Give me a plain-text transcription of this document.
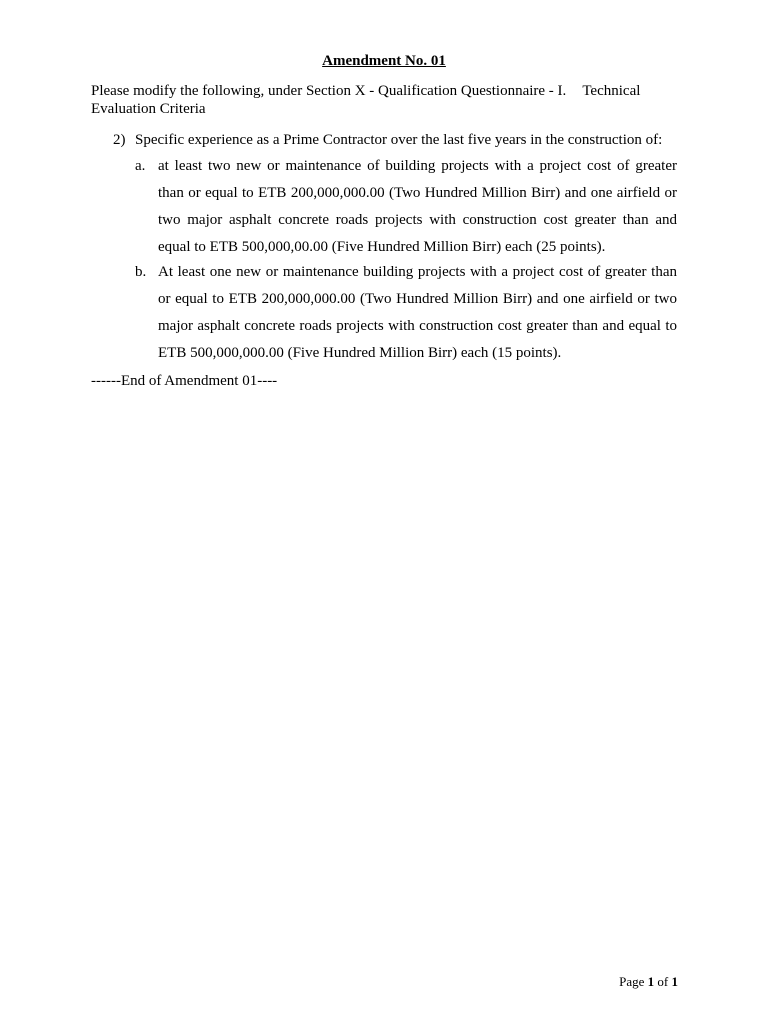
Amendment No. 01
Please modify the following, under Section X - Qualification Questionnaire - I. Technical Evaluation Criteria
2) Specific experience as a Prime Contractor over the last five years in the construction of:
a. at least two new or maintenance of building projects with a project cost of greater than or equal to ETB 200,000,000.00 (Two Hundred Million Birr) and one airfield or two major asphalt concrete roads projects with construction cost greater than and equal to ETB 500,000,00.00 (Five Hundred Million Birr) each (25 points).
b. At least one new or maintenance building projects with a project cost of greater than or equal to ETB 200,000,000.00 (Two Hundred Million Birr) and one airfield or two major asphalt concrete roads projects with construction cost greater than and equal to ETB 500,000,000.00 (Five Hundred Million Birr) each (15 points).
------End of Amendment 01----
Page 1 of 1
